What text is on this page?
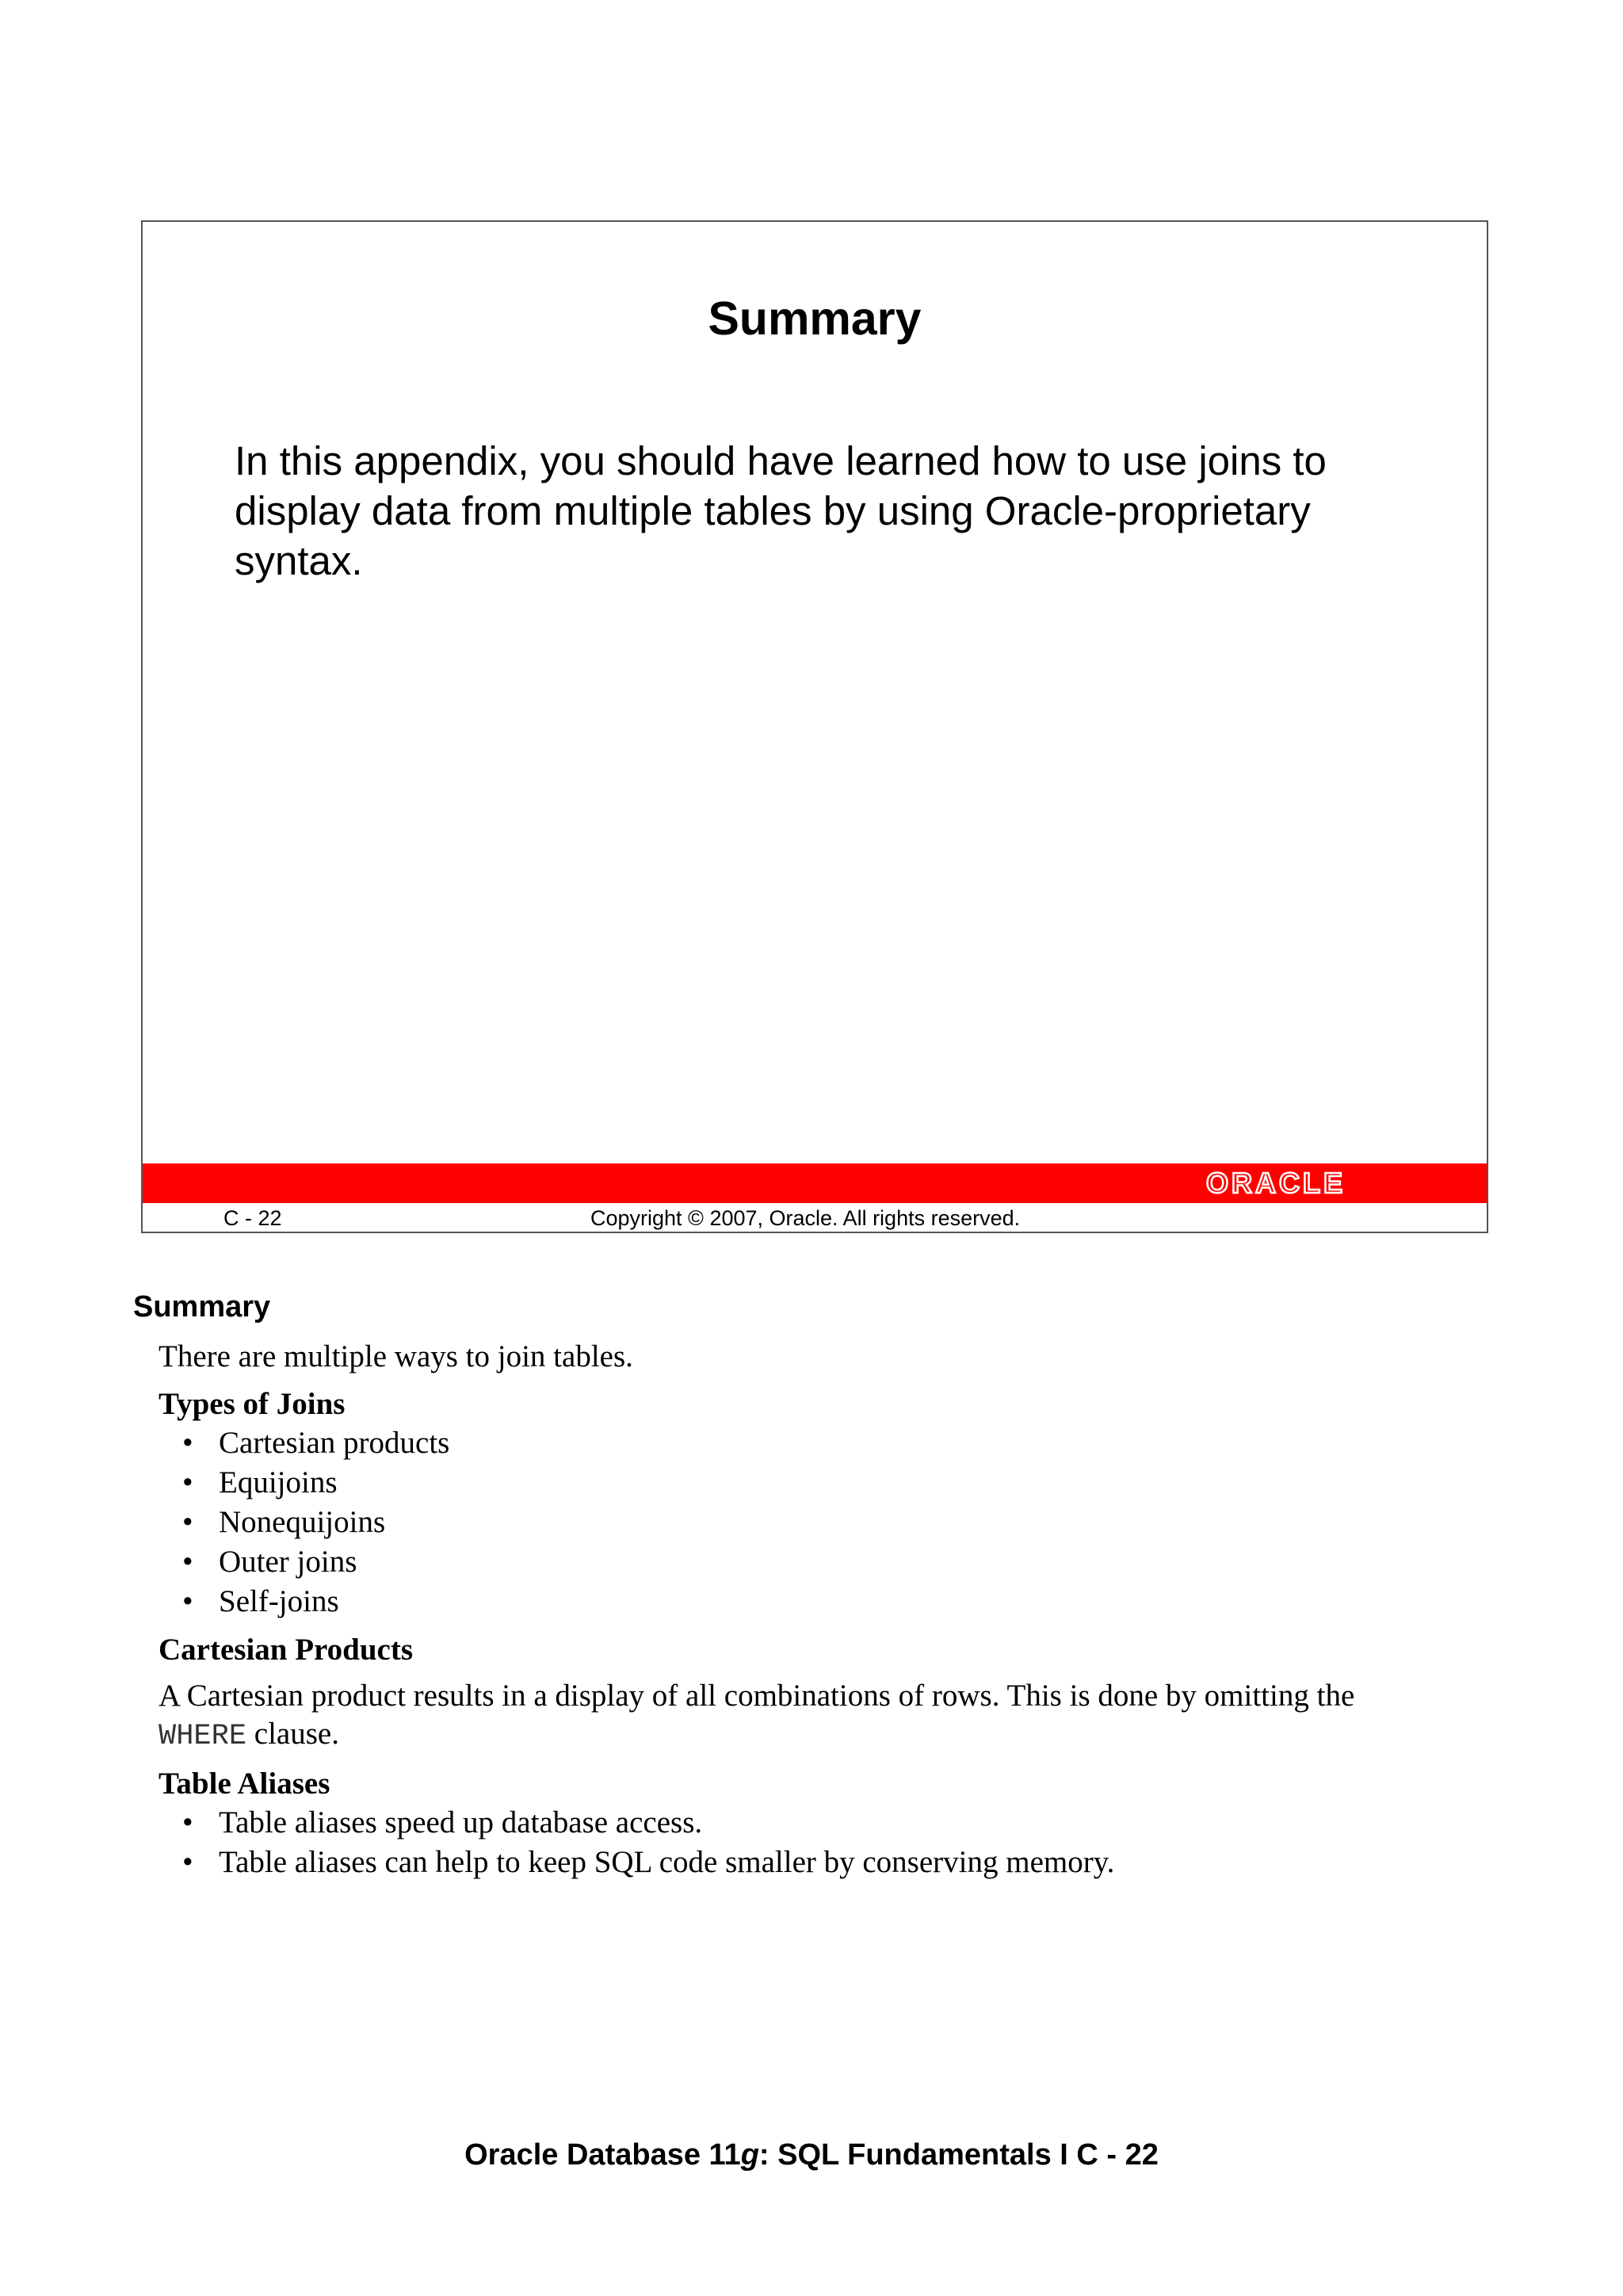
Summary
In this appendix, you should have learned how to use joins to display data from multiple tables by using Oracle-proprietary syntax.
ORACLE
C - 22	Copyright © 2007, Oracle. All rights reserved.
Summary

There are multiple ways to join tables.

Types of Joins

• Cartesian products
• Equijoins
• Nonequijoins
• Outer joins
• Self-joins

Cartesian Products

A Cartesian product results in a display of all combinations of rows. This is done by omitting the
WHERE clause.

Table Aliases

• Table aliases speed up database access.
• Table aliases can help to keep SQL code smaller by conserving memory.
Oracle Database 11g: SQL Fundamentals I C - 22
